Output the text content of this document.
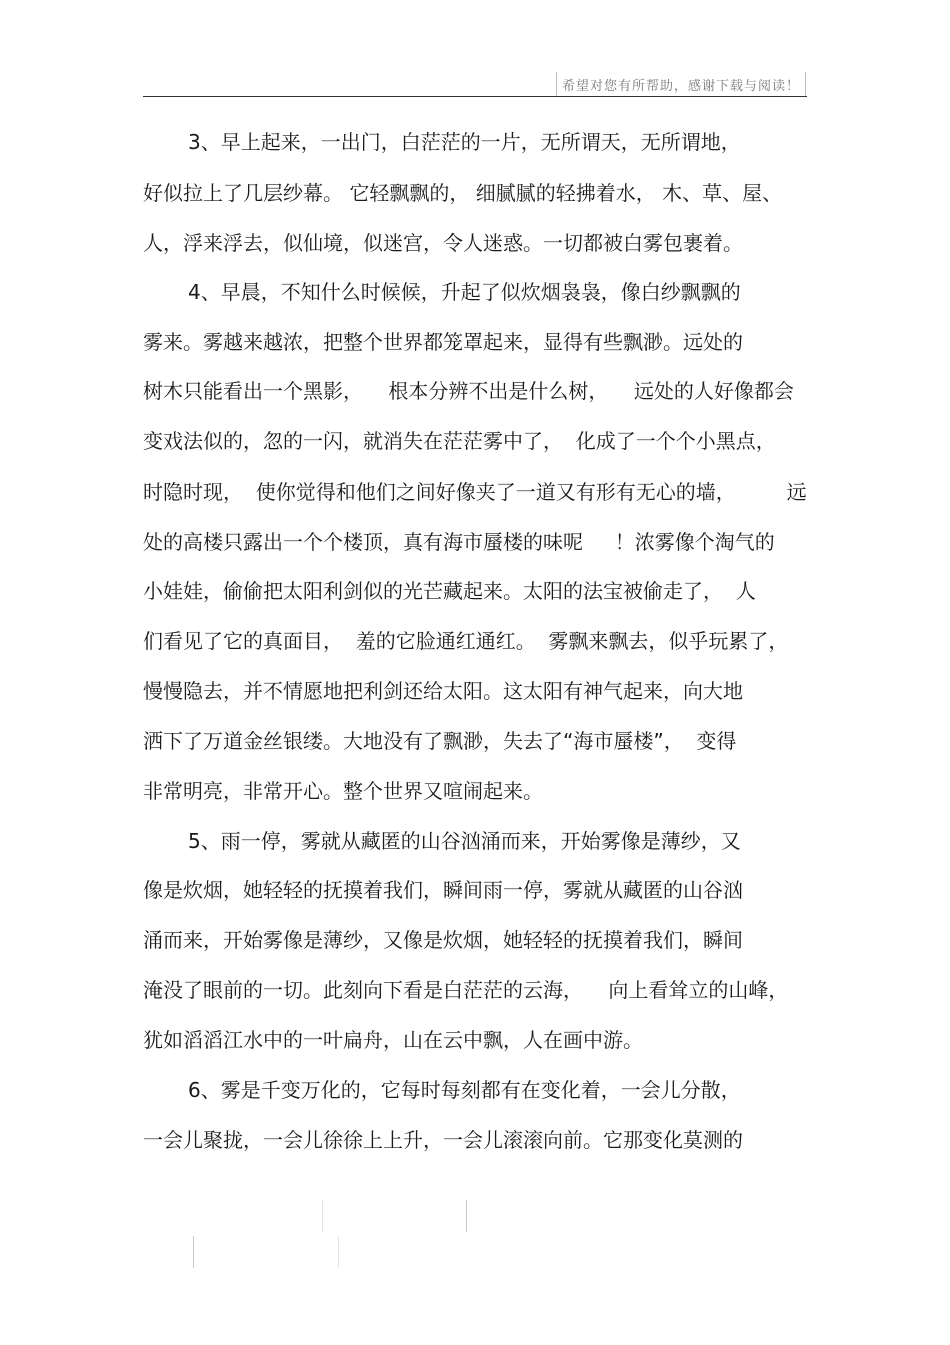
希望对您有所帮助，感谢下载与阅读！
3、早上起来，一出门，白茫茫的一片，无所谓天，无所谓地，
好似拉上了几层纱幕。 它轻飘飘的， 细腻腻的轻拂着水， 木、草、屋、
人，浮来浮去，似仙境，似迷宫，令人迷惑。一切都被白雾包裹着。
4、早晨，不知什么时候候，升起了似炊烟袅袅，像白纱飘飘的
雾来。雾越来越浓，把整个世界都笼罩起来，显得有些飘渺。远处的
树木只能看出一个黑影，    根本分辨不出是什么树，    远处的人好像都会
变戏法似的，忽的一闪，就消失在茫茫雾中了，  化成了一个个小黑点，
时隐时现，  使你觉得和他们之间好像夹了一道又有形有无心的墙，        远
处的高楼只露出一个个楼顶，真有海市蜃楼的味呢     ！浓雾像个淘气的
小娃娃，偷偷把太阳利剑似的光芒藏起来。太阳的法宝被偷走了，  人
们看见了它的真面目，  羞的它脸通红通红。  雾飘来飘去，似乎玩累了，
慢慢隐去，并不情愿地把利剑还给太阳。这太阳有神气起来，向大地
洒下了万道金丝银缕。大地没有了飘渺，失去了“海市蜃楼”，  变得
非常明亮，非常开心。整个世界又喧闹起来。
5、雨一停，雾就从藏匿的山谷汹涌而来，开始雾像是薄纱，又
像是炊烟，她轻轻的抚摸着我们，瞬间雨一停，雾就从藏匿的山谷汹
涌而来，开始雾像是薄纱，又像是炊烟，她轻轻的抚摸着我们，瞬间
淹没了眼前的一切。此刻向下看是白茫茫的云海，    向上看耸立的山峰，
犹如滔滔江水中的一叶扁舟，山在云中飘，人在画中游。
6、雾是千变万化的，它每时每刻都有在变化着，一会儿分散，
一会儿聚拢，一会儿徐徐上上升，一会儿滚滚向前。它那变化莫测的
